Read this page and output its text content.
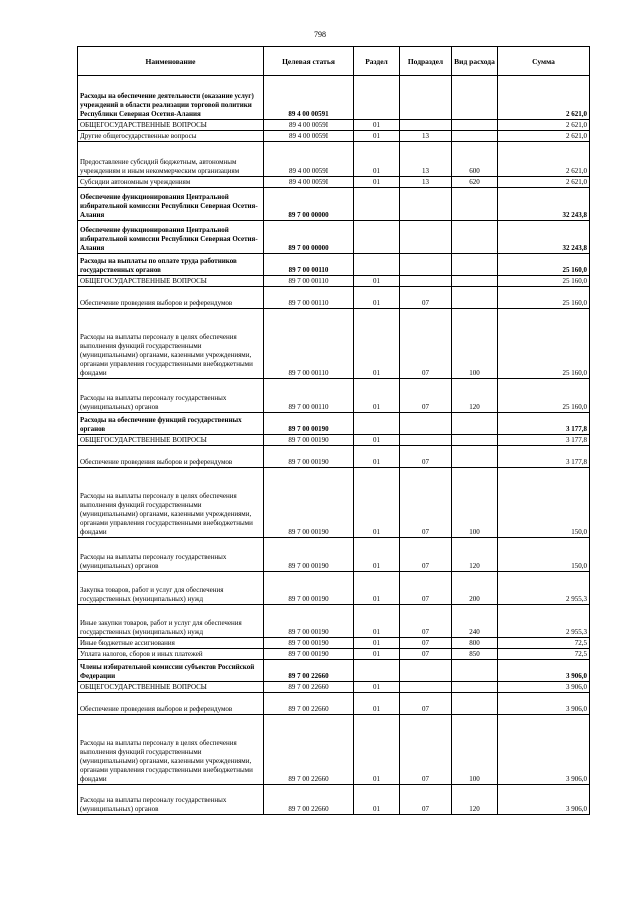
798
Наименование	Целевая статья	Раздел	Подраздел	Вид расхода	Сумма
Расходы на обеспечение деятельности (оказание услуг) учреждений в области реализации торговой политики Республики Северная Осетия-Алания	89 4 00 00591				2 621,0
ОБЩЕГОСУДАРСТВЕННЫЕ ВОПРОСЫ	89 4 00 0059I	01			2 621,0
Другие общегосударственные вопросы	89 4 00 0059I	01	13		2 621,0
Предоставление субсидий бюджетным, автономным учреждениям и иным некоммерческим организациям	89 4 00 0059I	01	13	600	2 621,0
Субсидии автономным учреждениям	89 4 00 0059I	01	13	620	2 621,0
Обеспечение функционирования Центральной избирательной комиссии Республики Северная Осетия-Алания	89 7 00 00000				32 243,8
Обеспечение функционирования Центральной избирательной комиссии Республики Северная Осетия-Алания	89 7 00 00000				32 243,8
Расходы на выплаты по оплате труда работников государственных органов	89 7 00 00110				25 160,0
ОБЩЕГОСУДАРСТВЕННЫЕ ВОПРОСЫ	89 7 00 00110	01			25 160,0
Обеспечение проведения выборов и референдумов	89 7 00 00110	01	07		25 160,0
Расходы на выплаты персоналу в целях обеспечения выполнения функций государственными (муниципальными) органами, казенными учреждениями, органами управления государственными внебюджетными фондами	89 7 00 00110	01	07	100	25 160,0
Расходы на выплаты персоналу государственных (муниципальных) органов	89 7 00 00110	01	07	120	25 160,0
Расходы на обеспечение функций государственных органов	89 7 00 00190				3 177,8
ОБЩЕГОСУДАРСТВЕННЫЕ ВОПРОСЫ	89 7 00 00190	01			3 177,8
Обеспечение проведения выборов и референдумов	89 7 00 00190	01	07		3 177,8
Расходы на выплаты персоналу в целях обеспечения выполнения функций государственными (муниципальными) органами, казенными учреждениями, органами управления государственными внебюджетными фондами	89 7 00 00190	01	07	100	150,0
Расходы на выплаты персоналу государственных (муниципальных) органов	89 7 00 00190	01	07	120	150,0
Закупка товаров, работ и услуг для обеспечения государственных (муниципальных) нужд	89 7 00 00190	01	07	200	2 955,3
Иные закупки товаров, работ и услуг для обеспечения государственных (муниципальных) нужд	89 7 00 00190	01	07	240	2 955,3
Иные бюджетные ассигнования	89 7 00 00190	01	07	800	72,5
Уплата налогов, сборов и иных платежей	89 7 00 00190	01	07	850	72,5
Члены избирательной комиссии субъектов Российской Федерации	89 7 00 22660				3 906,0
ОБЩЕГОСУДАРСТВЕННЫЕ ВОПРОСЫ	89 7 00 22660	01			3 906,0
Обеспечение проведения выборов и референдумов	89 7 00 22660	01	07		3 906,0
Расходы на выплаты персоналу в целях обеспечения выполнения функций государственными (муниципальными) органами, казенными учреждениями, органами управления государственными внебюджетными фондами	89 7 00 22660	01	07	100	3 906,0
Расходы на выплаты персоналу государственных (муниципальных) органов	89 7 00 22660	01	07	120	3 906,0
